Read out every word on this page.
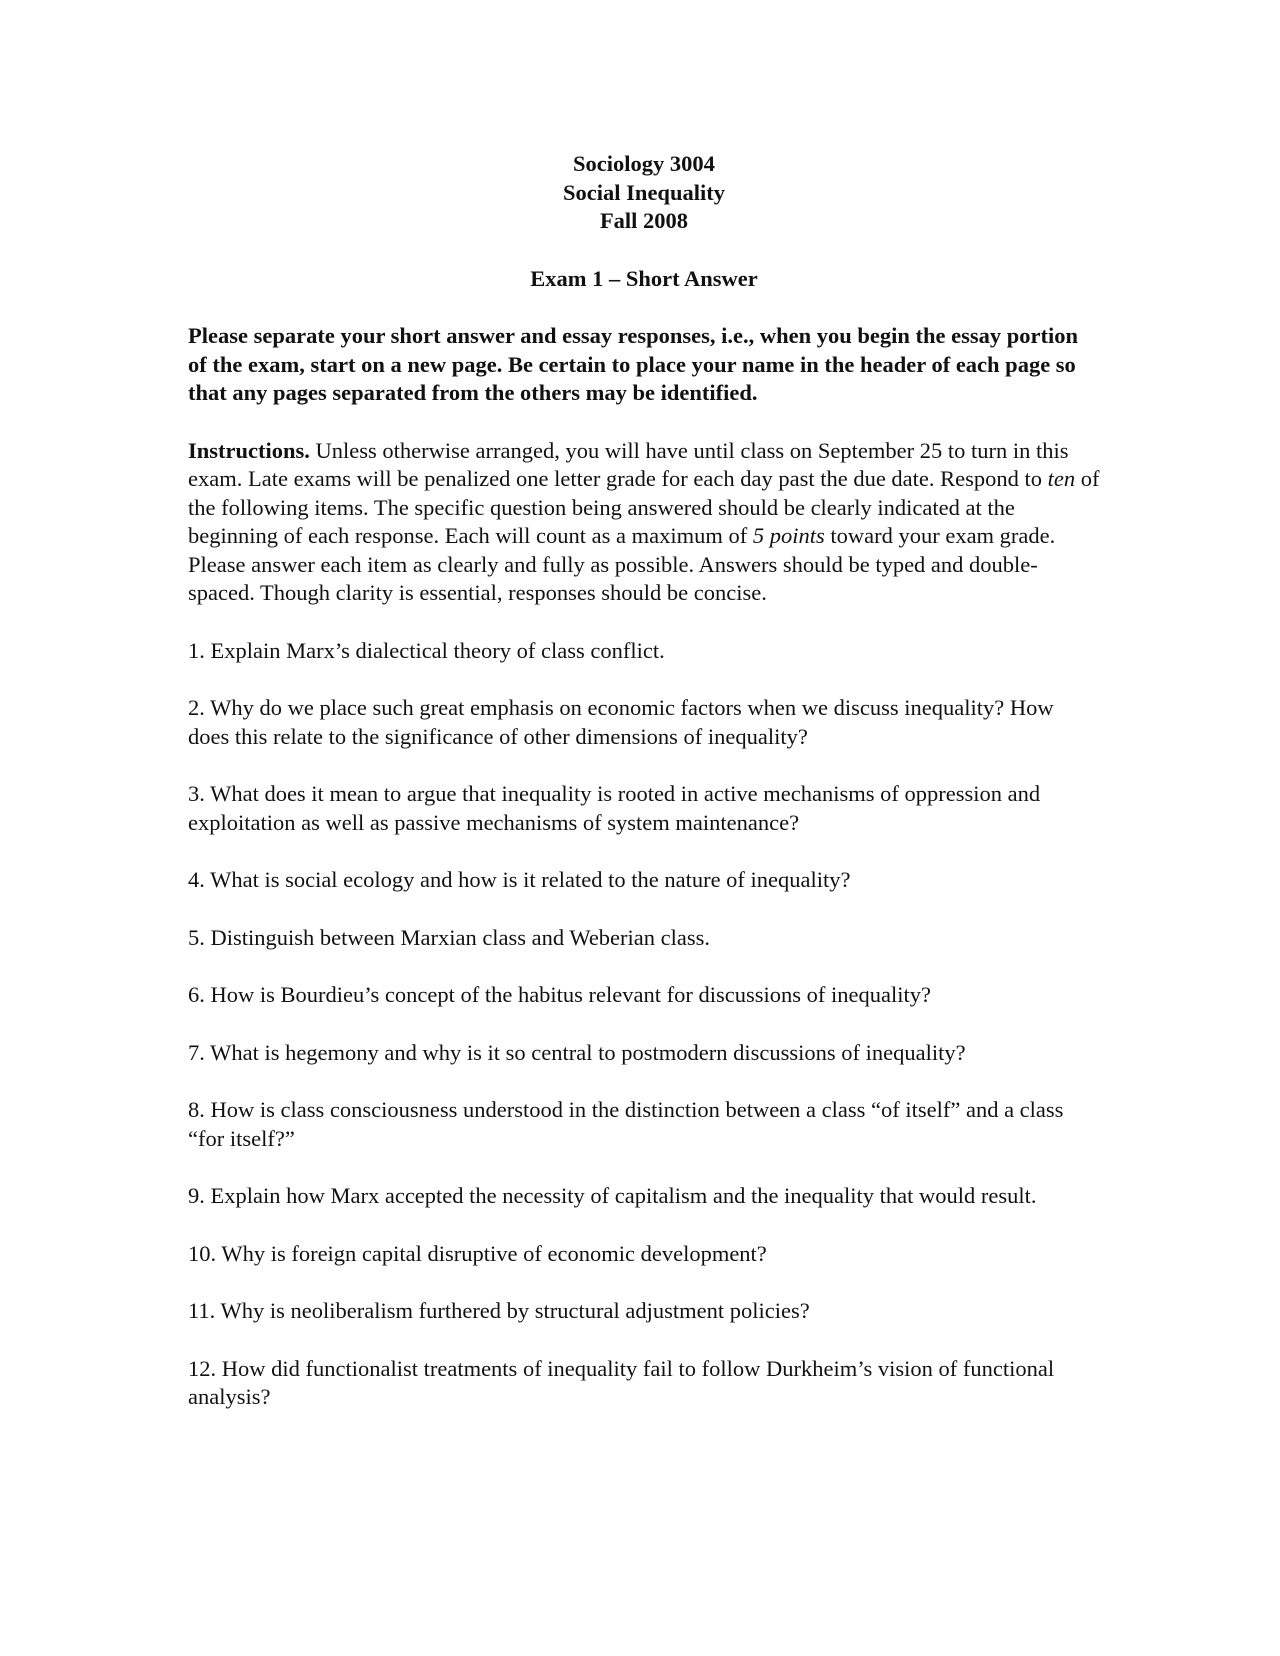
Sociology 3004
Social Inequality
Fall 2008
Exam 1 – Short Answer

Please separate your short answer and essay responses, i.e., when you begin the essay portion of the exam, start on a new page. Be certain to place your name in the header of each page so that any pages separated from the others may be identified.

Instructions. Unless otherwise arranged, you will have until class on September 25 to turn in this exam. Late exams will be penalized one letter grade for each day past the due date. Respond to ten of the following items. The specific question being answered should be clearly indicated at the beginning of each response. Each will count as a maximum of 5 points toward your exam grade. Please answer each item as clearly and fully as possible. Answers should be typed and double-spaced. Though clarity is essential, responses should be concise.

1. Explain Marx’s dialectical theory of class conflict.

2. Why do we place such great emphasis on economic factors when we discuss inequality? How does this relate to the significance of other dimensions of inequality?

3. What does it mean to argue that inequality is rooted in active mechanisms of oppression and exploitation as well as passive mechanisms of system maintenance?

4. What is social ecology and how is it related to the nature of inequality?

5. Distinguish between Marxian class and Weberian class.

6. How is Bourdieu’s concept of the habitus relevant for discussions of inequality?

7. What is hegemony and why is it so central to postmodern discussions of inequality?

8. How is class consciousness understood in the distinction between a class “of itself” and a class “for itself?”

9. Explain how Marx accepted the necessity of capitalism and the inequality that would result.

10. Why is foreign capital disruptive of economic development?

11. Why is neoliberalism furthered by structural adjustment policies?

12. How did functionalist treatments of inequality fail to follow Durkheim’s vision of functional analysis?
